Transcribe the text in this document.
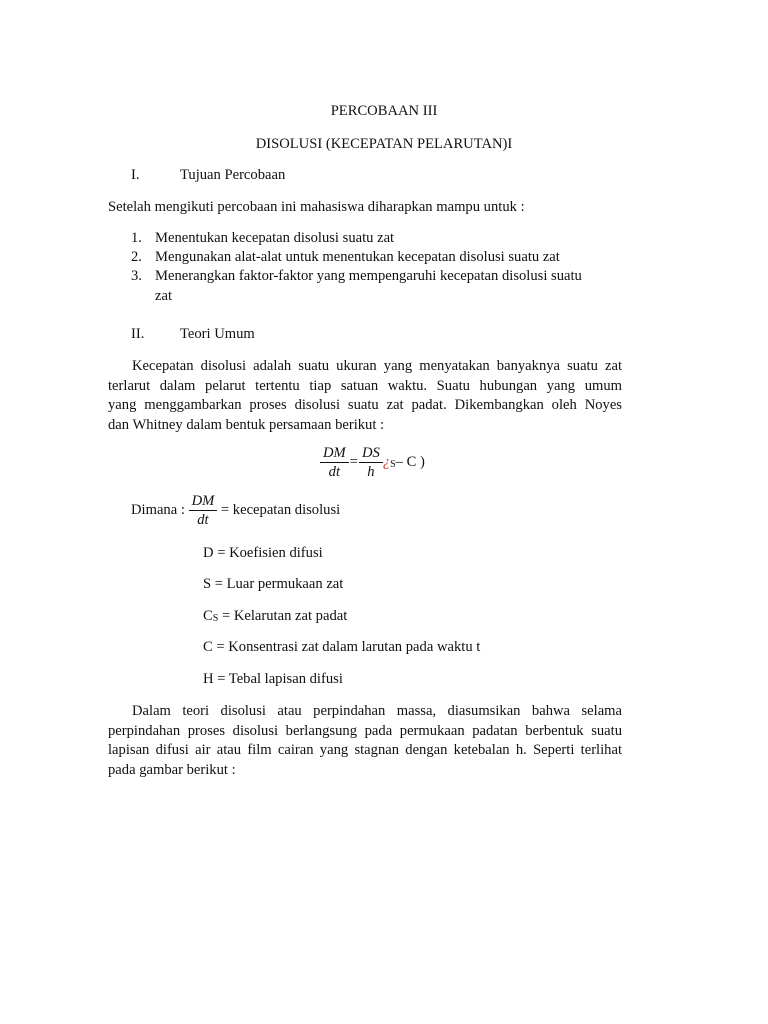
PERCOBAAN III
DISOLUSI (KECEPATAN PELARUTAN)I
I.	Tujuan Percobaan
Setelah mengikuti percobaan ini mahasiswa diharapkan mampu untuk :
1. Menentukan kecepatan disolusi suatu zat
2. Mengunakan alat-alat untuk menentukan kecepatan disolusi suatu zat
3. Menerangkan faktor-faktor yang mempengaruhi kecepatan disolusi suatu
zat
II. Teori Umum
Kecepatan disolusi adalah suatu ukuran yang menyatakan banyaknya suatu zat
terlarut dalam pelarut tertentu tiap satuan waktu. Suatu hubungan yang umum
yang menggambarkan proses disolusi suatu zat padat. Dikembangkan oleh Noyes
dan Whitney dalam bentuk persamaan berikut :
$\frac{DM}{dt} = \frac{DS}{h}$ ¿S– C )
Dimana : $\frac{DM}{dt}$ = kecepatan disolusi
D = Koefisien difusi
S = Luar permukaan zat
CS = Kelarutan zat padat
C = Konsentrasi zat dalam larutan pada waktu t
H = Tebal lapisan difusi
Dalam teori disolusi atau perpindahan massa, diasumsikan bahwa selama
perpindahan proses disolusi berlangsung pada permukaan padatan berbentuk suatu
lapisan difusi air atau film cairan yang stagnan dengan ketebalan h. Seperti terlihat
pada gambar berikut :
